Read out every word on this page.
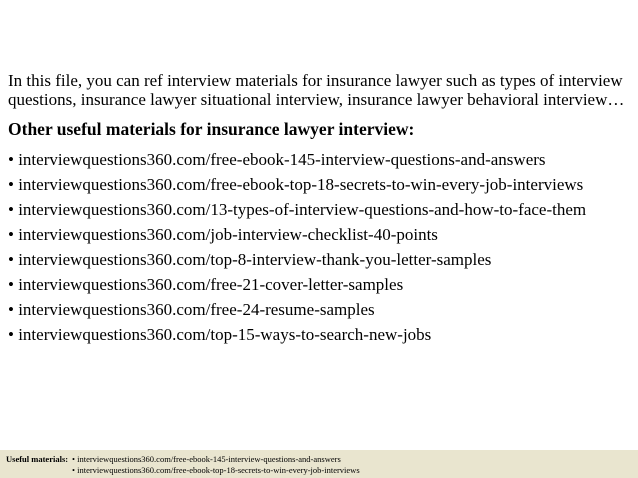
In this file, you can ref interview materials for insurance lawyer such as types of interview questions, insurance lawyer situational interview, insurance lawyer behavioral interview…

Other useful materials for insurance lawyer interview:

• interviewquestions360.com/free-ebook-145-interview-questions-and-answers
• interviewquestions360.com/free-ebook-top-18-secrets-to-win-every-job-interviews
• interviewquestions360.com/13-types-of-interview-questions-and-how-to-face-them
• interviewquestions360.com/job-interview-checklist-40-points
• interviewquestions360.com/top-8-interview-thank-you-letter-samples
• interviewquestions360.com/free-21-cover-letter-samples
• interviewquestions360.com/free-24-resume-samples
• interviewquestions360.com/top-15-ways-to-search-new-jobs
Useful materials: • interviewquestions360.com/free-ebook-145-interview-questions-and-answers
• interviewquestions360.com/free-ebook-top-18-secrets-to-win-every-job-interviews
